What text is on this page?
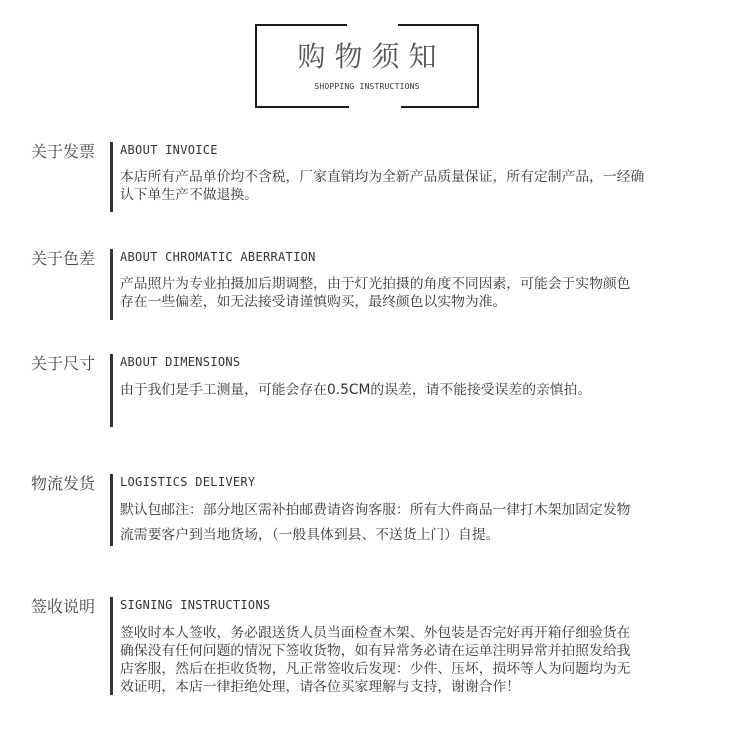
购物须知
SHOPPING INSTRUCTIONS
关于发票 ABOUT INVOICE
本店所有产品单价均不含税，厂家直销均为全新产品质量保证，所有定制产品，一经确
认下单生产不做退换。
关于色差 ABOUT CHROMATIC ABERRATION
产品照片为专业拍摄加后期调整，由于灯光拍摄的角度不同因素，可能会于实物颜色
存在一些偏差，如无法接受请谨慎购买，最终颜色以实物为准。
关于尺寸 ABOUT DIMENSIONS
由于我们是手工测量，可能会存在0.5CM的误差，请不能接受误差的亲慎拍。
物流发货 LOGISTICS DELIVERY
默认包邮注：部分地区需补拍邮费请咨询客服：所有大件商品一律打木架加固定发物
流需要客户到当地货场，（一般具体到县、不送货上门）自提。
签收说明 SIGNING INSTRUCTIONS
签收时本人签收，务必跟送货人员当面检查木架、外包装是否完好再开箱仔细验货在
确保没有任何问题的情况下签收货物，如有异常务必请在运单注明异常并拍照发给我
店客服，然后在拒收货物，凡正常签收后发现：少件、压坏，损坏等人为问题均为无
效证明，本店一律拒绝处理，请各位买家理解与支持，谢谢合作！
